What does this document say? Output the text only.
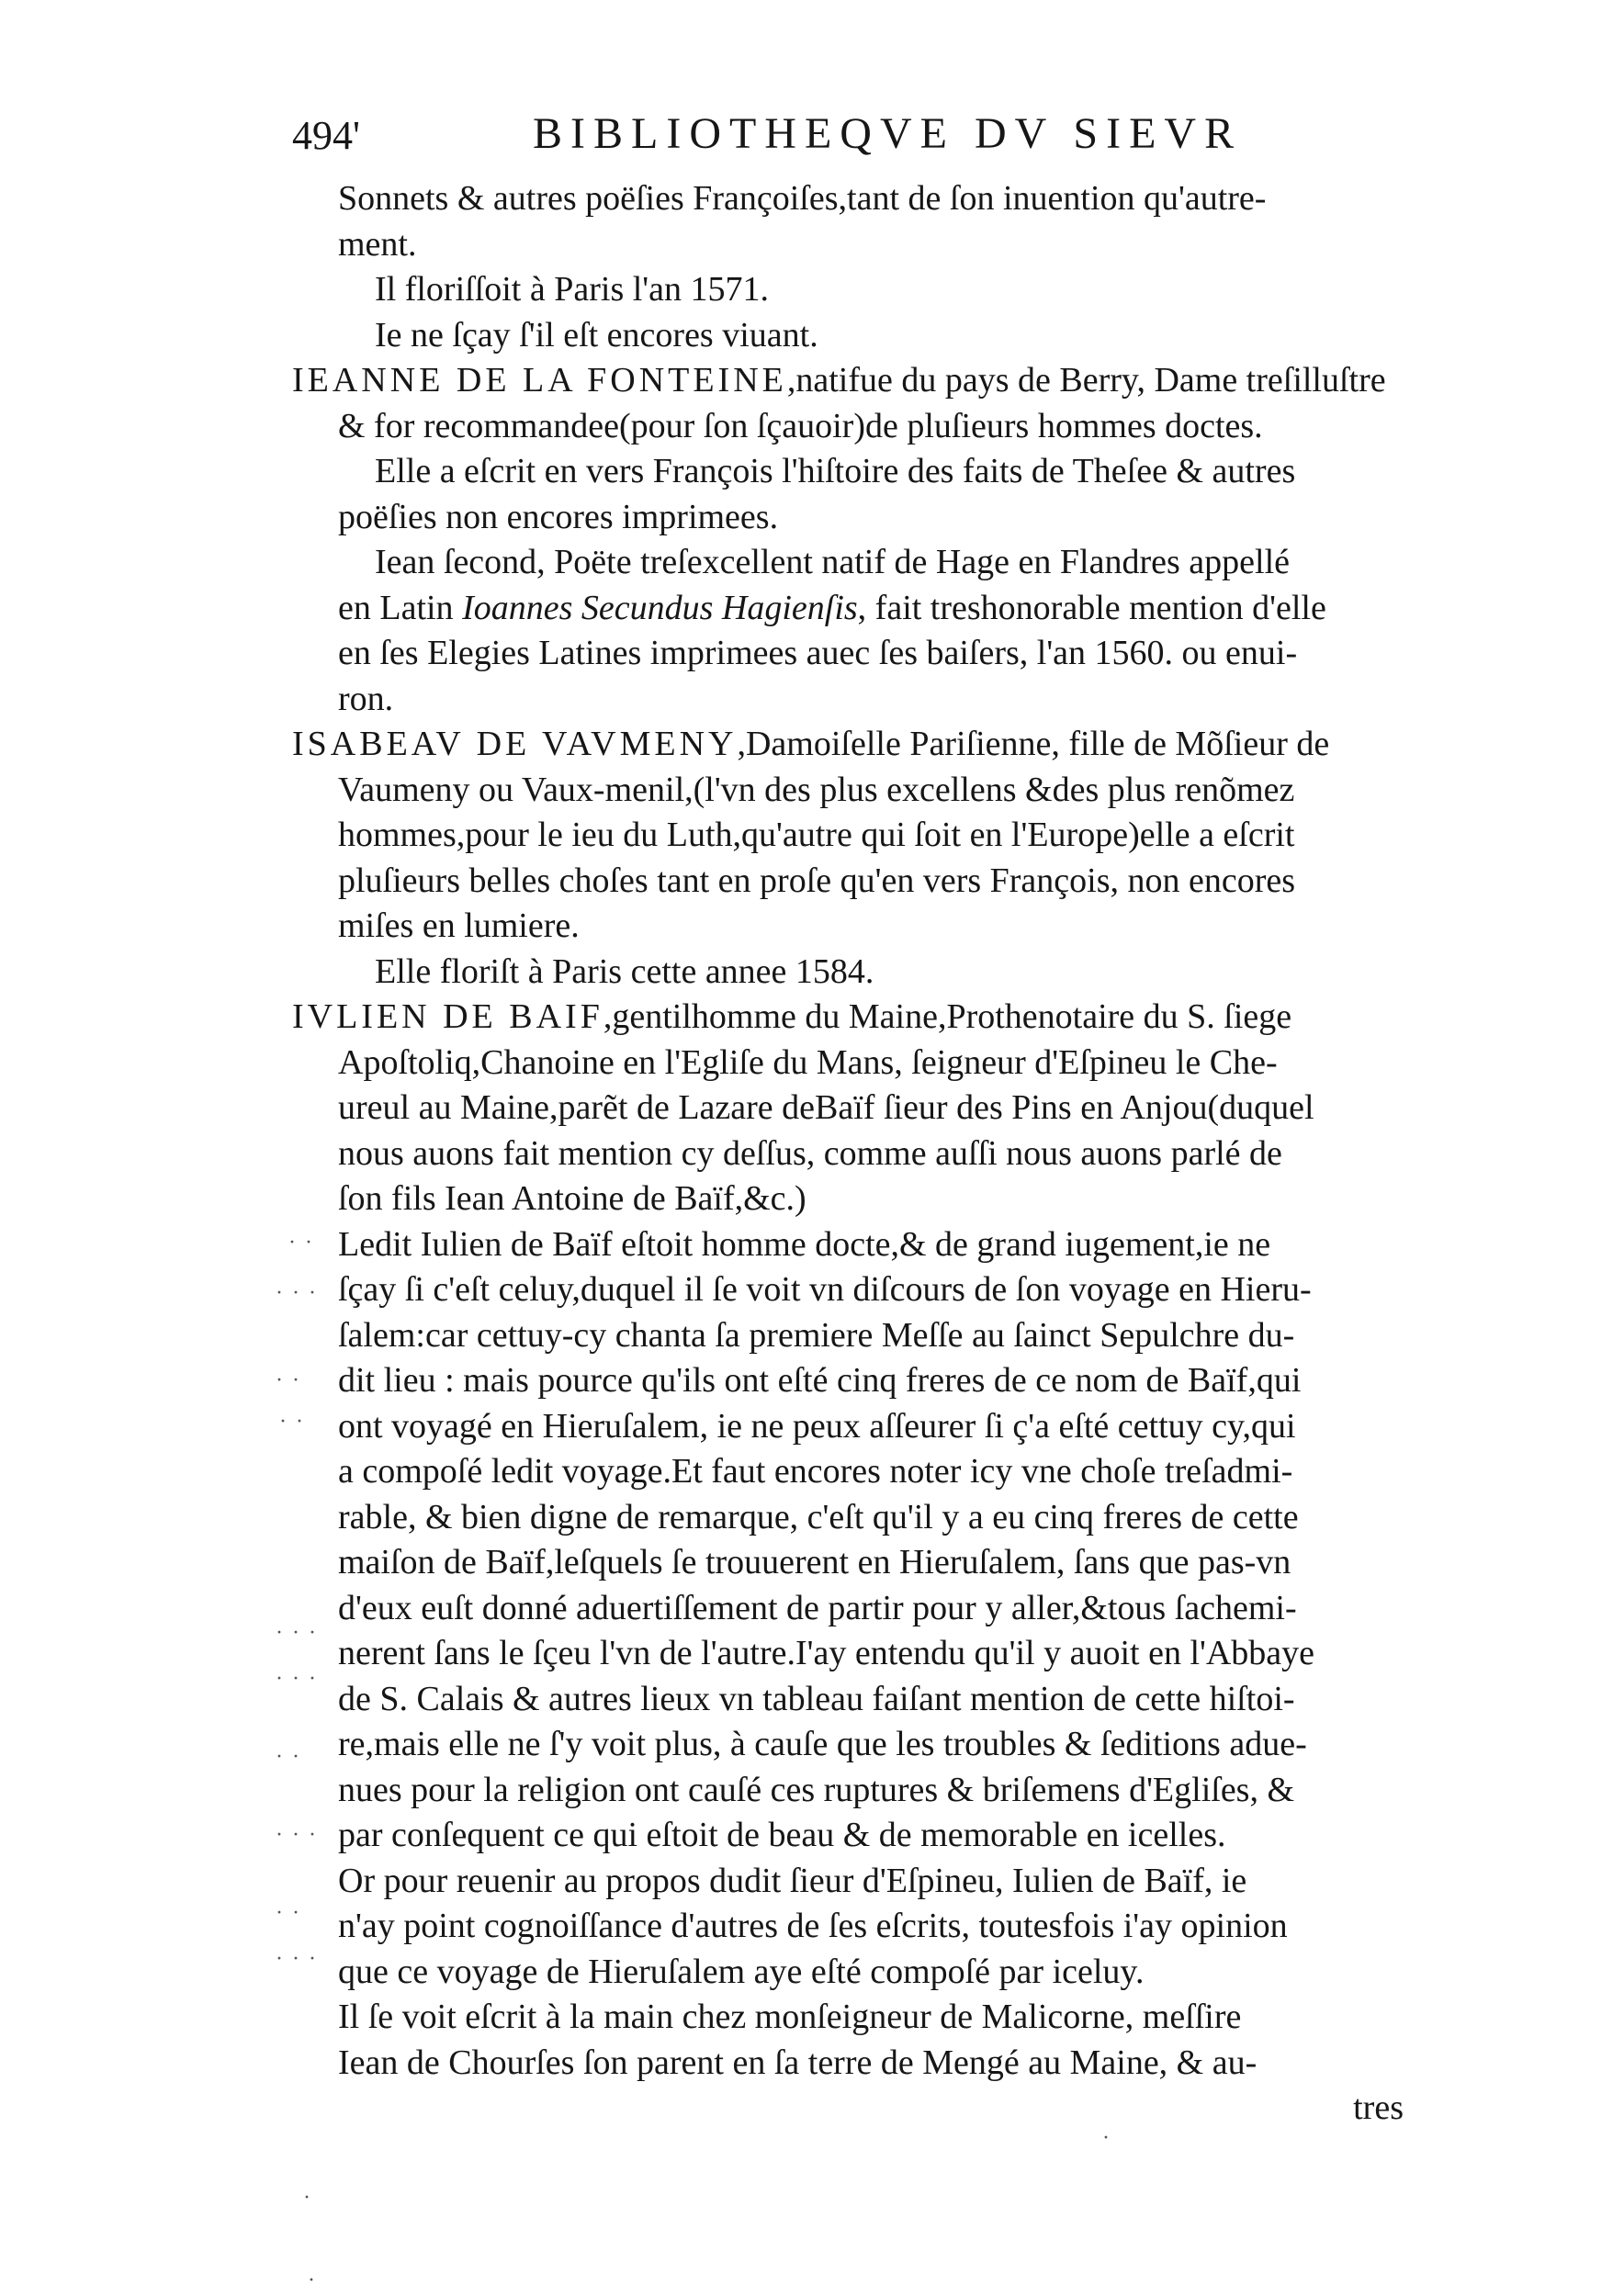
494'	BIBLIOTHEQVE DV SIEVR
Sonnets & autres poëſies Françoiſes,tant de ſon inuention qu'autre-
ment.
Il floriſſoit à Paris l'an 1571.
Ie ne ſçay ſ'il eſt encores viuant.
IEANNE DE LA FONTEINE,natifue du pays de Berry, Dame treſilluſtre
& for recommandee(pour ſon ſçauoir)de pluſieurs hommes doctes.
Elle a eſcrit en vers François l'hiſtoire des faits de Theſee & autres
poëſies non encores imprimees.
Iean ſecond, Poëte treſexcellent natif de Hage en Flandres appellé
en Latin Ioannes Secundus Hagienſis, fait treshonorable mention d'elle
en ſes Elegies Latines imprimees auec ſes baiſers, l'an 1560. ou enui-
ron.
ISABEAV DE VAVMENY,Damoiſelle Pariſienne, fille de Mõſieur de
Vaumeny ou Vaux-menil,(l'vn des plus excellens &des plus renõmez
hommes,pour le ieu du Luth,qu'autre qui ſoit en l'Europe)elle a eſcrit
pluſieurs belles choſes tant en proſe qu'en vers François, non encores
miſes en lumiere.
Elle floriſt à Paris cette annee 1584.
IVLIEN DE BAIF,gentilhomme du Maine,Prothenotaire du S. ſiege
Apoſtoliq,Chanoine en l'Egliſe du Mans, ſeigneur d'Eſpineu le Che-
ureul au Maine,parẽt de Lazare deBaïf ſieur des Pins en Anjou(duquel
nous auons fait mention cy deſſus, comme auſſi nous auons parlé de
ſon fils Iean Antoine de Baïf,&c.)
Ledit Iulien de Baïf eſtoit homme docte,& de grand iugement,ie ne
ſçay ſi c'eſt celuy,duquel il ſe voit vn diſcours de ſon voyage en Hieru-
ſalem:car cettuy-cy chanta ſa premiere Meſſe au ſainct Sepulchre du-
dit lieu : mais pource qu'ils ont eſté cinq freres de ce nom de Baïf,qui
ont voyagé en Hieruſalem, ie ne peux aſſeurer ſi ç'a eſté cettuy cy,qui
a compoſé ledit voyage.Et faut encores noter icy vne choſe treſadmi-
rable, & bien digne de remarque, c'eſt qu'il y a eu cinq freres de cette
maiſon de Baïf,leſquels ſe trouuerent en Hieruſalem, ſans que pas-vn
d'eux euſt donné aduertiſſement de partir pour y aller,&tous ſachemi-
nerent ſans le ſçeu l'vn de l'autre.I'ay entendu qu'il y auoit en l'Abbaye
de S. Calais & autres lieux vn tableau faiſant mention de cette hiſtoi-
re,mais elle ne ſ'y voit plus, à cauſe que les troubles & ſeditions adue-
nues pour la religion ont cauſé ces ruptures & briſemens d'Egliſes, &
par conſequent ce qui eſtoit de beau & de memorable en icelles.
Or pour reuenir au propos dudit ſieur d'Eſpineu, Iulien de Baïf, ie
n'ay point cognoiſſance d'autres de ſes eſcrits, toutesfois i'ay opinion
que ce voyage de Hieruſalem aye eſté compoſé par iceluy.
Il ſe voit eſcrit à la main chez monſeigneur de Malicorne, meſſire
Iean de Chourſes ſon parent en ſa terre de Mengé au Maine, & au-
tres
· ·
· · ·
· ·
· ·
· · ·
· · ·
· ·
· · ·
· ·
· · ·
·
·
·
